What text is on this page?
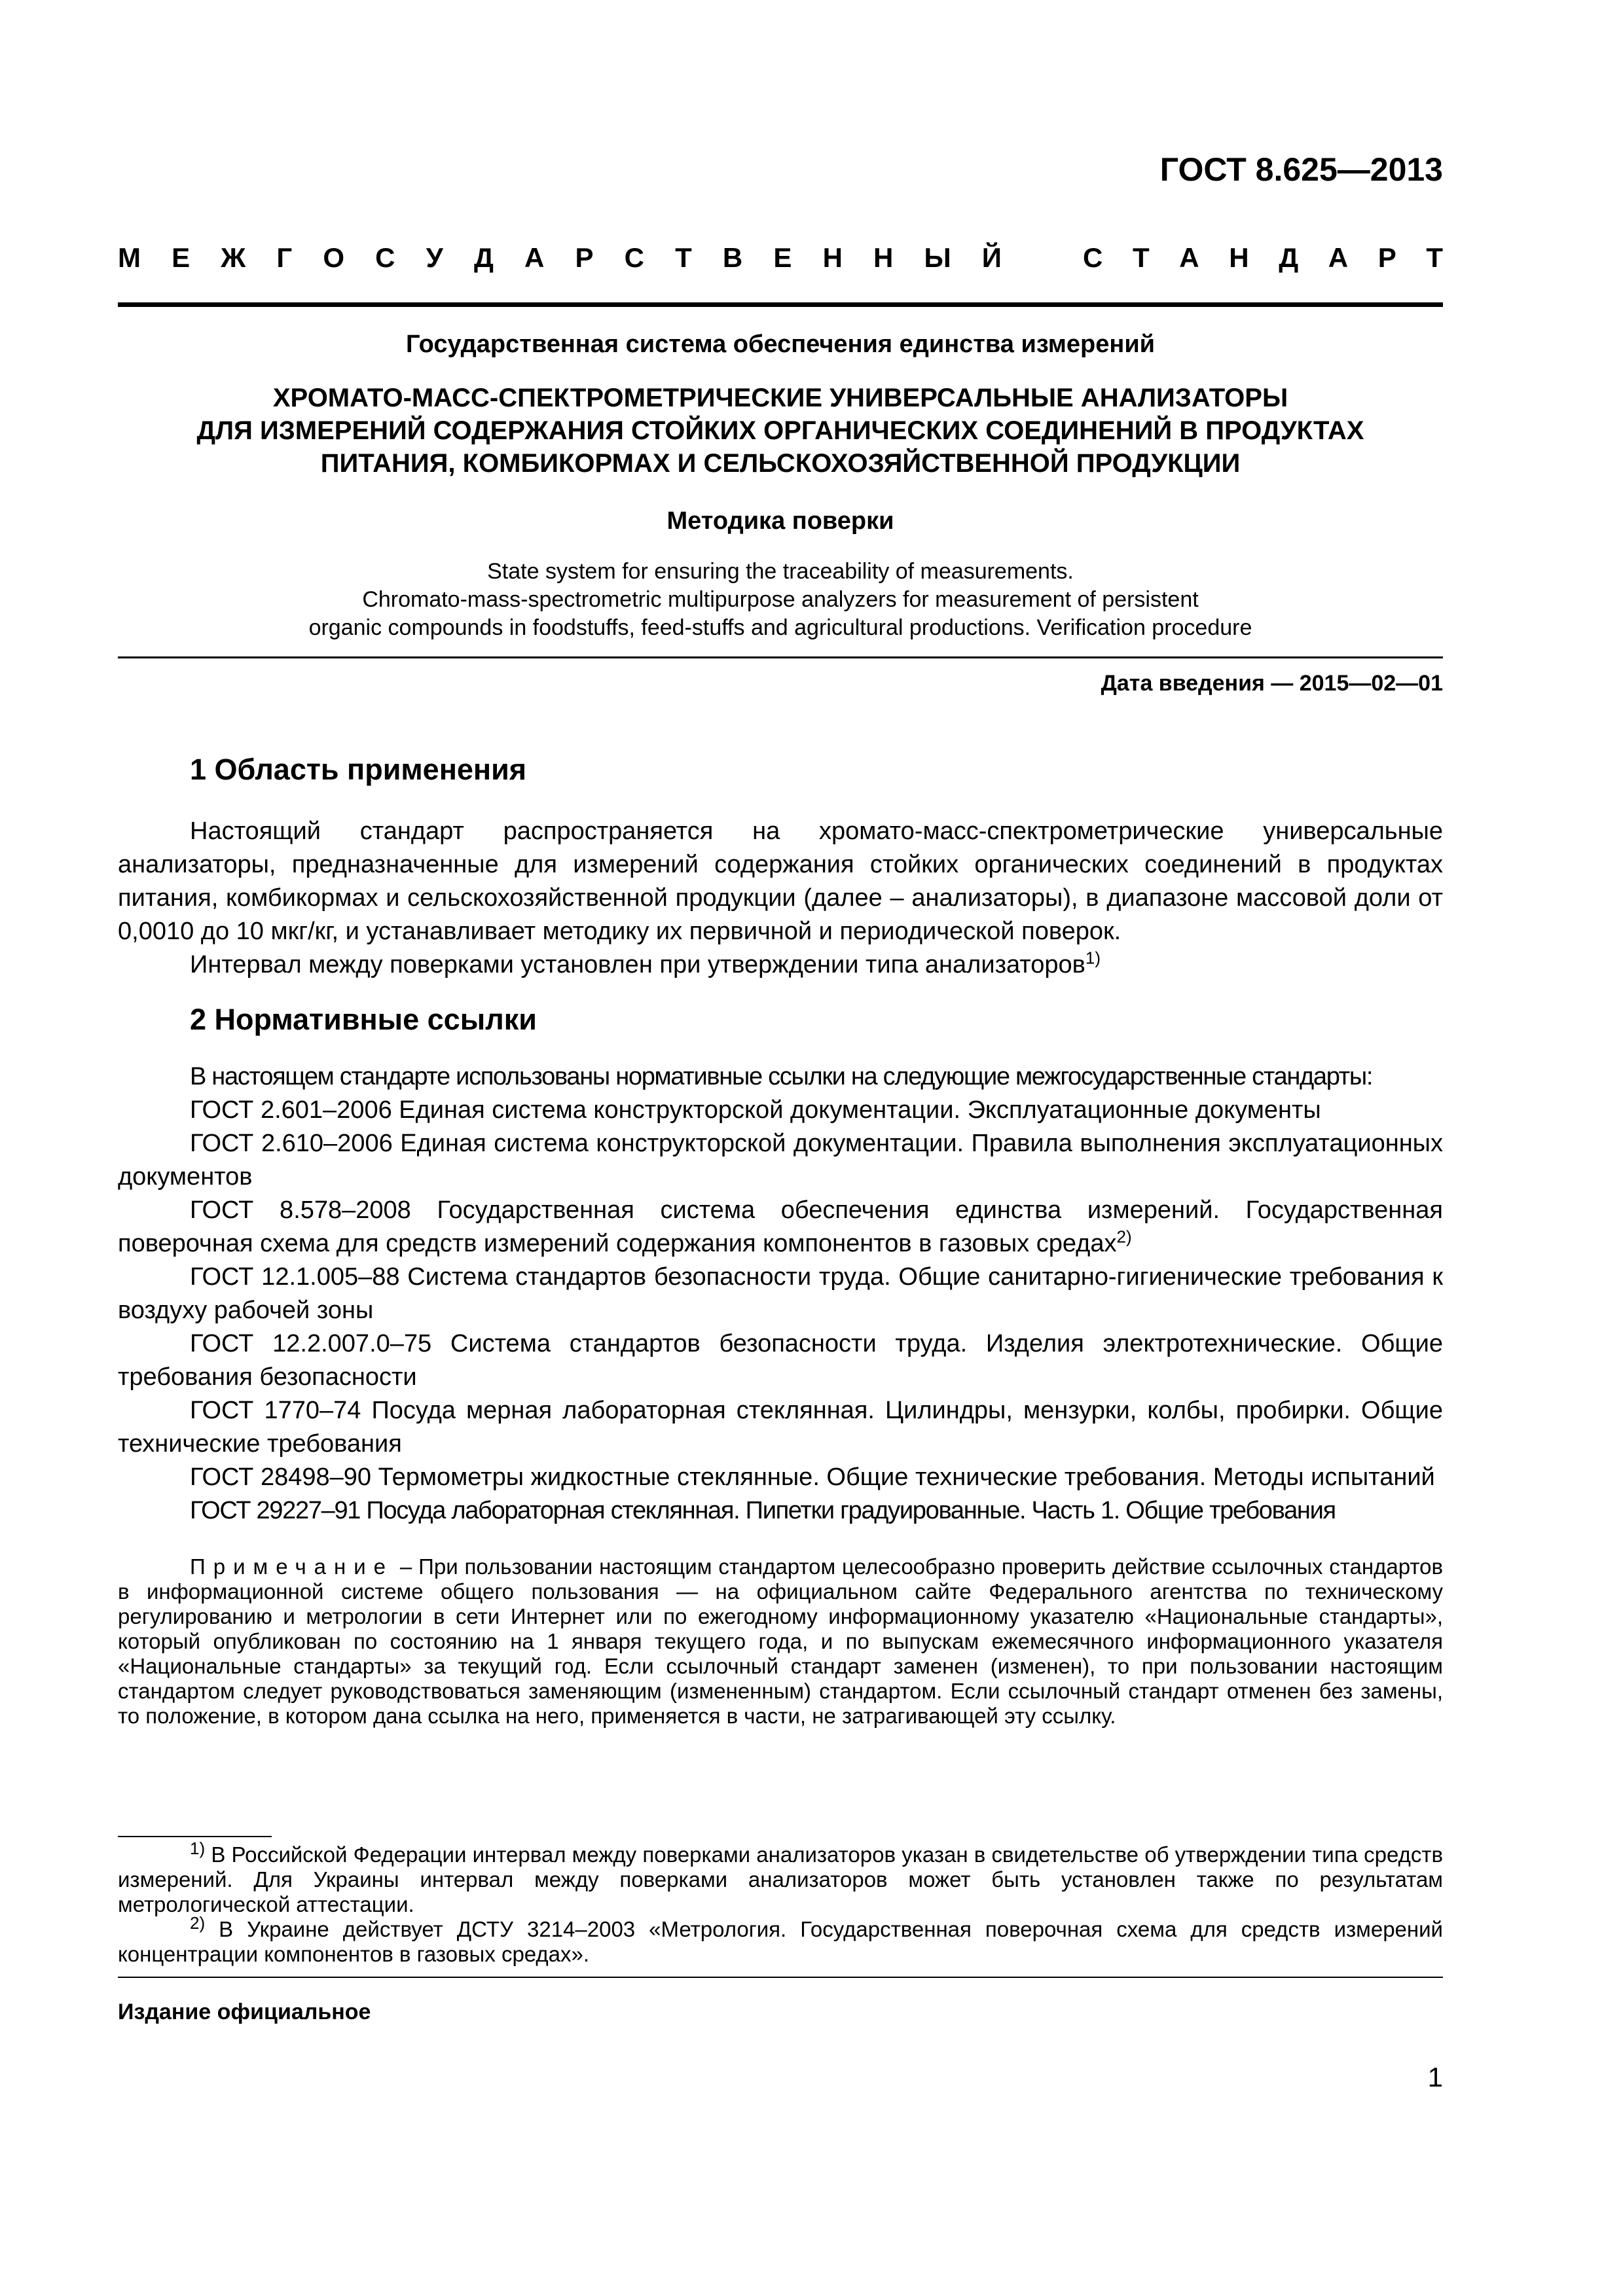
ГОСТ 8.625—2013
М Е Ж Г О С У Д А Р С Т В Е Н Н Ы Й	С Т А Н Д А Р Т
Государственная система обеспечения единства измерений
ХРОМАТО-МАСС-СПЕКТРОМЕТРИЧЕСКИЕ УНИВЕРСАЛЬНЫЕ АНАЛИЗАТОРЫ
ДЛЯ ИЗМЕРЕНИЙ СОДЕРЖАНИЯ СТОЙКИХ ОРГАНИЧЕСКИХ СОЕДИНЕНИЙ В ПРОДУКТАХ
ПИТАНИЯ, КОМБИКОРМАХ И СЕЛЬСКОХОЗЯЙСТВЕННОЙ ПРОДУКЦИИ
Методика поверки
State system for ensuring the traceability of measurements.
Chromato-mass-spectrometric multipurpose analyzers for measurement of persistent
organic compounds in foodstuffs, feed-stuffs and agricultural productions. Verification procedure
Дата введения — 2015—02—01
1 Область применения

Настоящий стандарт распространяется на хромато-масс-спектрометрические универсальные анализаторы, предназначенные для измерений содержания стойких органических соединений в продуктах питания, комбикормах и сельскохозяйственной продукции (далее – анализаторы), в диапазоне массовой доли от 0,0010 до 10 мкг/кг, и устанавливает методику их первичной и периодической поверок.

Интервал между поверками установлен при утверждении типа анализаторов$^{1)}$

2 Нормативные ссылки

В настоящем стандарте использованы нормативные ссылки на следующие межгосударственные стандарты:

ГОСТ 2.601–2006 Единая система конструкторской документации. Эксплуатационные документы

ГОСТ 2.610–2006 Единая система конструкторской документации. Правила выполнения эксплуатационных документов

ГОСТ 8.578–2008 Государственная система обеспечения единства измерений. Государственная поверочная схема для средств измерений содержания компонентов в газовых средах$^{2)}$

ГОСТ 12.1.005–88 Система стандартов безопасности труда. Общие санитарно-гигиенические требования к воздуху рабочей зоны

ГОСТ 12.2.007.0–75 Система стандартов безопасности труда. Изделия электротехнические. Общие требования безопасности

ГОСТ 1770–74 Посуда мерная лабораторная стеклянная. Цилиндры, мензурки, колбы, пробирки. Общие технические требования

ГОСТ 28498–90 Термометры жидкостные стеклянные. Общие технические требования. Методы испытаний

ГОСТ 29227–91 Посуда лабораторная стеклянная. Пипетки градуированные. Часть 1. Общие требования

Примечание – При пользовании настоящим стандартом целесообразно проверить действие ссылочных стандартов в информационной системе общего пользования — на официальном сайте Федерального агентства по техническому регулированию и метрологии в сети Интернет или по ежегодному информационному указателю «Национальные стандарты», который опубликован по состоянию на 1 января текущего года, и по выпускам ежемесячного информационного указателя «Национальные стандарты» за текущий год. Если ссылочный стандарт заменен (изменен), то при пользовании настоящим стандартом следует руководствоваться заменяющим (измененным) стандартом. Если ссылочный стандарт отменен без замены, то положение, в котором дана ссылка на него, применяется в части, не затрагивающей эту ссылку.

$^{1)}$ В Российской Федерации интервал между поверками анализаторов указан в свидетельстве об утверждении типа средств измерений. Для Украины интервал между поверками анализаторов может быть установлен также по результатам метрологической аттестации.

$^{2)}$ В Украине действует ДСТУ 3214–2003 «Метрология. Государственная поверочная схема для средств измерений концентрации компонентов в газовых средах».

Издание официальное
1
